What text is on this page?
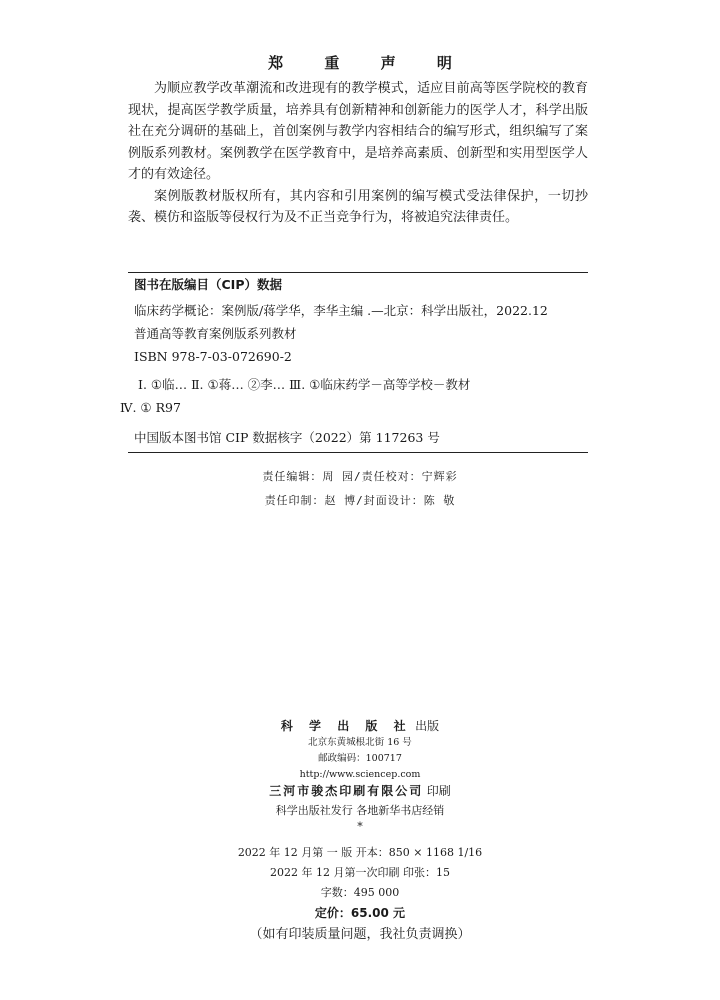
郑 重 声 明

为顺应教学改革潮流和改进现有的教学模式，适应目前高等医学院校的教育现状，提高医学教学质量，培养具有创新精神和创新能力的医学人才，科学出版社在充分调研的基础上，首创案例与教学内容相结合的编写形式，组织编写了案例版系列教材。案例教学在医学教育中，是培养高素质、创新型和实用型医学人才的有效途径。

案例版教材版权所有，其内容和引用案例的编写模式受法律保护，一切抄袭、模仿和盗版等侵权行为及不正当竞争行为，将被追究法律责任。

图书在版编目（CIP）数据
临床药学概论：案例版/蒋学华，李华主编 .—北京：科学出版社，2022.12
普通高等教育案例版系列教材
ISBN 978-7-03-072690-2
Ⅰ. ①临… Ⅱ. ①蒋… ②李… Ⅲ. ①临床药学－高等学校－教材
Ⅳ. ① R97
中国版本图书馆 CIP 数据核字（2022）第 117263 号
责任编辑：周 园/责任校对：宁辉彩
责任印制：赵 博/封面设计：陈 敬
科 学 出 版 社 出版
北京东黄城根北街 16 号
邮政编码：100717
http://www.sciencep.com
三河市骏杰印刷有限公司 印刷
科学出版社发行 各地新华书店经销
*
2022 年 12 月第 一 版 开本：850 × 1168 1/16
2022 年 12 月第一次印刷 印张：15
字数：495 000
定价：65.00 元
（如有印装质量问题，我社负责调换）
